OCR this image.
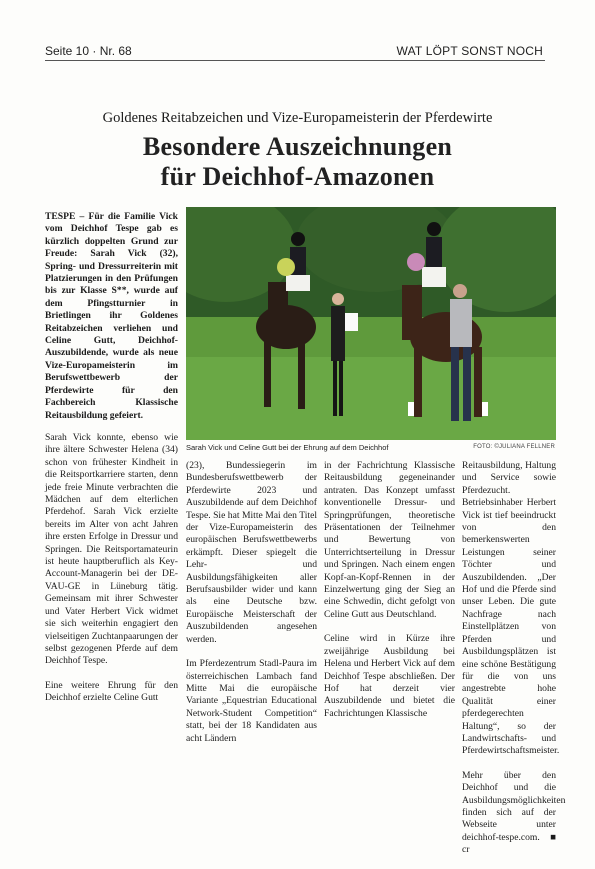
Seite 10 · Nr. 68	WAT LÖPT SONST NOCH
Goldenes Reitabzeichen und Vize-Europameisterin der Pferdewirte
Besondere Auszeichnungen
für Deichhof-Amazonen
TESPE – Für die Familie Vick vom Deichhof Tespe gab es kürzlich doppelten Grund zur Freude: Sarah Vick (32), Spring- und Dressurreiterin mit Platzierungen in den Prüfungen bis zur Klasse S**, wurde auf dem Pfingstturnier in Brietlingen ihr Goldenes Reitabzeichen verliehen und Celine Gutt, Deichhof-Auszubildende, wurde als neue Vize-Europameisterin im Berufswettbewerb der Pferdewirte für den Fachbereich Klassische Reitausbildung gefeiert.
Sarah Vick und Celine Gutt bei der Ehrung auf dem Deichhof	FOTO: ©JULIANA FELLNER

Sarah Vick konnte, ebenso wie ihre ältere Schwester Helena (34) schon von frühester Kindheit in die Reitsportkarriere starten, denn jede freie Minute verbrachten die Mädchen auf dem elterlichen Pferdehof. Sarah Vick erzielte bereits im Alter von acht Jahren ihre ersten Erfolge in Dressur und Springen. Die Reitsportamateurin ist heute hauptberuflich als Key-Account-Managerin bei der DE-VAU-GE in Lüneburg tätig. Gemeinsam mit ihrer Schwester und Vater Herbert Vick widmet sie sich weiterhin engagiert den vielseitigen Zuchtanpaarungen der selbst gezogenen Pferde auf dem Deichhof Tespe.

Eine weitere Ehrung für den Deichhof erzielte Celine Gutt

(23), Bundessiegerin im Bundesberufswettbewerb der Pferdewirte 2023 und Auszubildende auf dem Deichhof Tespe. Sie hat Mitte Mai den Titel der Vize-Europameisterin des europäischen Berufswettbewerbs erkämpft. Dieser spiegelt die Lehr- und Ausbildungsfähigkeiten aller Berufsausbilder wider und kann als eine Deutsche bzw. Europäische Meisterschaft der Auszubildenden angesehen werden.

Im Pferdezentrum Stadl-Paura im österreichischen Lambach fand Mitte Mai die europäische Variante „Equestrian Educational Network-Student Competition“ statt, bei der 18 Kandidaten aus acht Ländern

in der Fachrichtung Klassische Reitausbildung gegeneinander antraten. Das Konzept umfasst konventionelle Dressur- und Springprüfungen, theoretische Präsentationen der Teilnehmer und Bewertung von Unterrichtserteilung in Dressur und Springen. Nach einem engen Kopf-an-Kopf-Rennen in der Einzelwertung ging der Sieg an eine Schwedin, dicht gefolgt von Celine Gutt aus Deutschland.

Celine wird in Kürze ihre zweijährige Ausbildung bei Helena und Herbert Vick auf dem Deichhof Tespe abschließen. Der Hof hat derzeit vier Auszubildende und bietet die Fachrichtungen Klassische

Reitausbildung, Haltung und Service sowie Pferdezucht. Betriebsinhaber Herbert Vick ist tief beeindruckt von den bemerkenswerten Leistungen seiner Töchter und Auszubildenden. „Der Hof und die Pferde sind unser Leben. Die gute Nachfrage nach Einstellplätzen von Pferden und Ausbildungsplätzen ist eine schöne Bestätigung für die von uns angestrebte hohe Qualität einer pferdegerechten Haltung“, so der Landwirtschafts- und Pferdewirtschaftsmeister.

Mehr über den Deichhof und die Ausbildungsmöglichkeiten finden sich auf der Webseite unter deichhof-tespe.com. ■ cr
